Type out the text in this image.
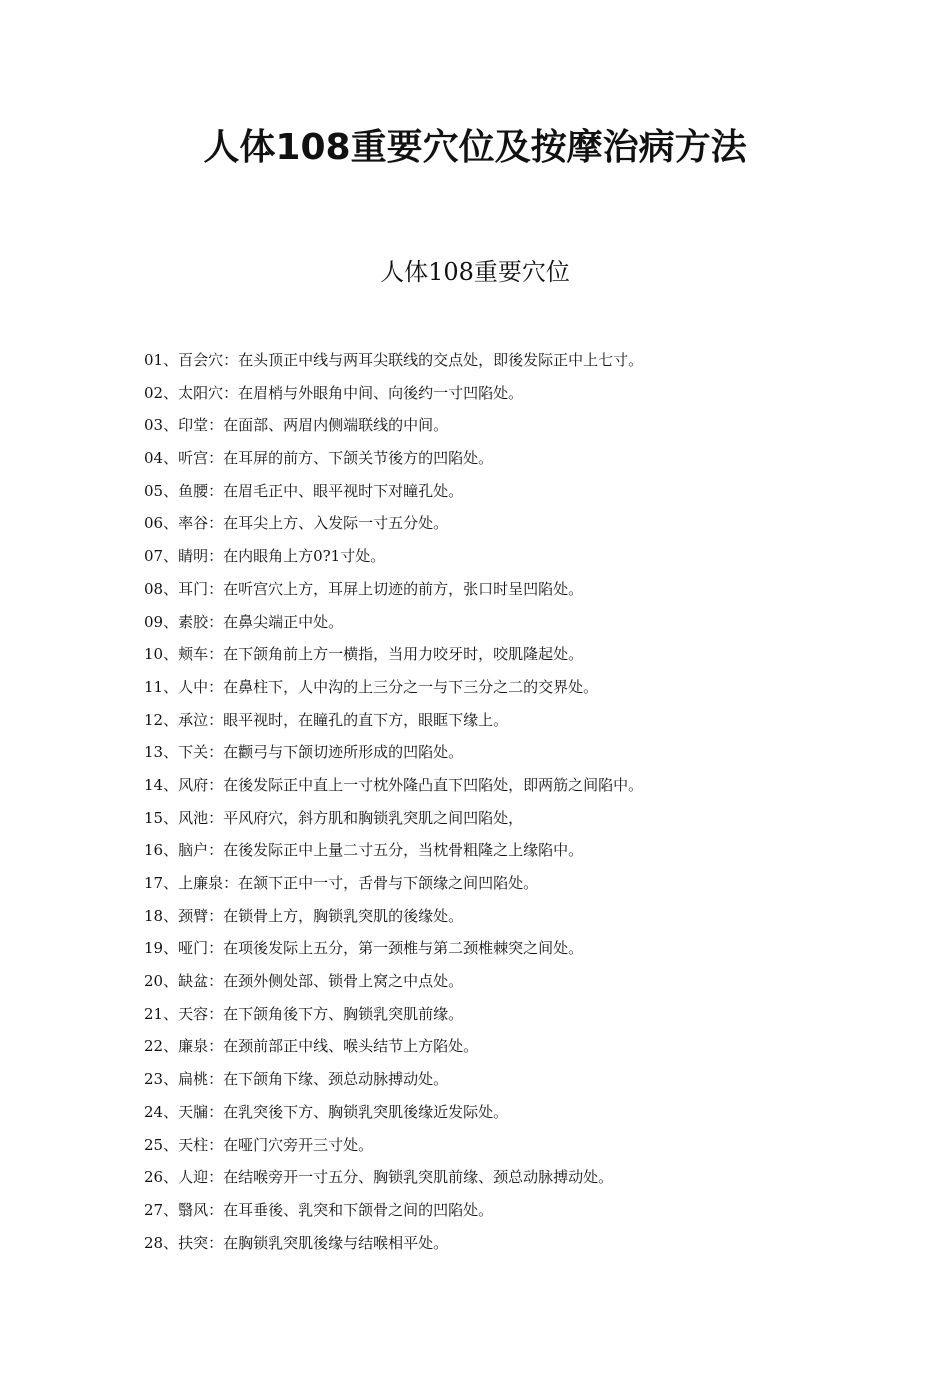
人体108重要穴位及按摩治病方法
人体108重要穴位
01、百会穴：在头顶正中线与两耳尖联线的交点处，即後发际正中上七寸。
02、太阳穴：在眉梢与外眼角中间、向後约一寸凹陷处。
03、印堂：在面部、两眉内侧端联线的中间。
04、听宫：在耳屏的前方、下颌关节後方的凹陷处。
05、鱼腰：在眉毛正中、眼平视时下对瞳孔处。
06、率谷：在耳尖上方、入发际一寸五分处。
07、睛明：在内眼角上方0?1寸处。
08、耳门：在听宫穴上方，耳屏上切迹的前方，张口时呈凹陷处。
09、素胶：在鼻尖端正中处。
10、颊车：在下颌角前上方一横指，当用力咬牙时，咬肌隆起处。
11、人中：在鼻柱下，人中沟的上三分之一与下三分之二的交界处。
12、承泣：眼平视时，在瞳孔的直下方，眼眶下缘上。
13、下关：在颧弓与下颌切迹所形成的凹陷处。
14、风府：在後发际正中直上一寸枕外隆凸直下凹陷处，即两筋之间陷中。
15、风池：平风府穴，斜方肌和胸锁乳突肌之间凹陷处，
16、脑户：在後发际正中上量二寸五分，当枕骨粗隆之上缘陷中。
17、上廉泉：在颔下正中一寸，舌骨与下颌缘之间凹陷处。
18、颈臂：在锁骨上方，胸锁乳突肌的後缘处。
19、哑门：在项後发际上五分，第一颈椎与第二颈椎棘突之间处。
20、缺盆：在颈外侧处部、锁骨上窝之中点处。
21、天容：在下颌角後下方、胸锁乳突肌前缘。
22、廉泉：在颈前部正中线、喉头结节上方陷处。
23、扁桃：在下颌角下缘、颈总动脉搏动处。
24、天牖：在乳突後下方、胸锁乳突肌後缘近发际处。
25、天柱：在哑门穴旁开三寸处。
26、人迎：在结喉旁开一寸五分、胸锁乳突肌前缘、颈总动脉搏动处。
27、翳风：在耳垂後、乳突和下颌骨之间的凹陷处。
28、扶突：在胸锁乳突肌後缘与结喉相平处。
